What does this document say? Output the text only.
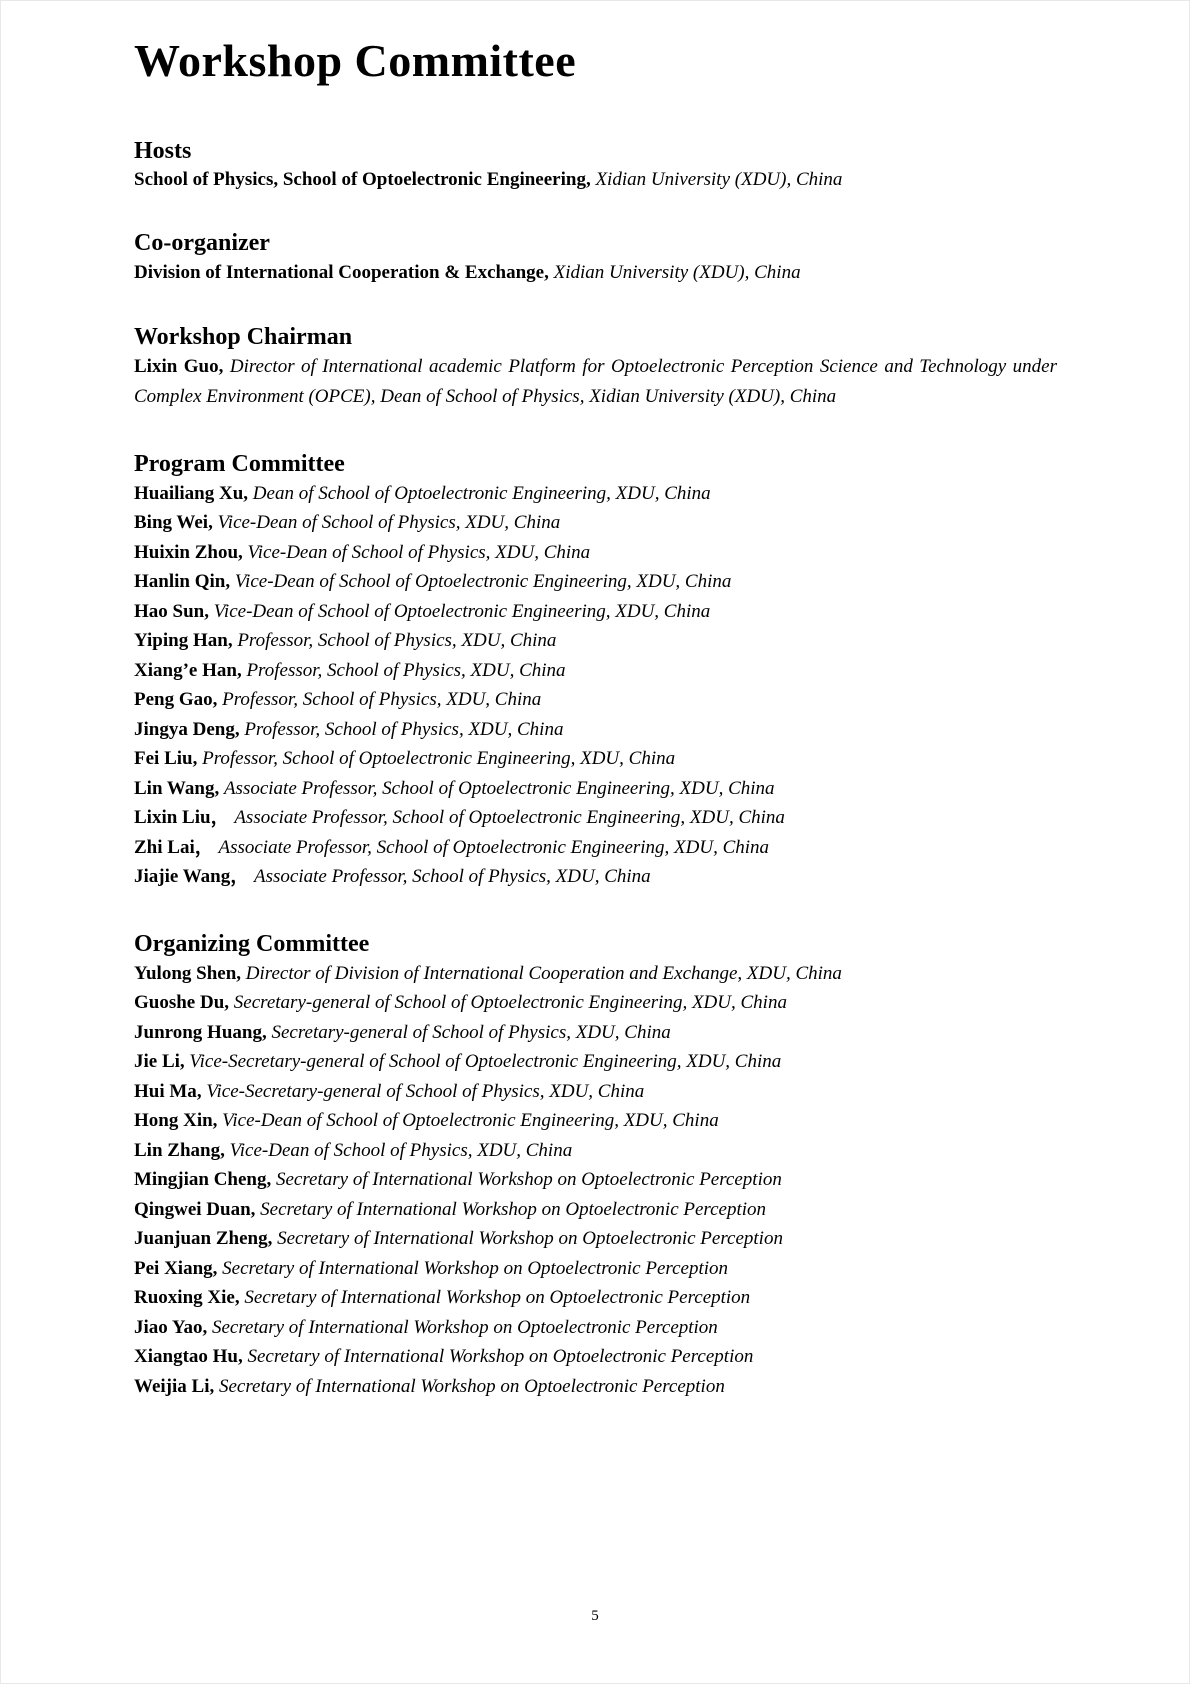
Workshop Committee
Hosts

School of Physics, School of Optoelectronic Engineering, Xidian University (XDU), China

Co-organizer

Division of International Cooperation & Exchange, Xidian University (XDU), China

Workshop Chairman

Lixin Guo, Director of International academic Platform for Optoelectronic Perception Science and Technology under Complex Environment (OPCE), Dean of School of Physics, Xidian University (XDU), China

Program Committee

Huailiang Xu, Dean of School of Optoelectronic Engineering, XDU, China

Bing Wei, Vice-Dean of School of Physics, XDU, China

Huixin Zhou, Vice-Dean of School of Physics, XDU, China

Hanlin Qin, Vice-Dean of School of Optoelectronic Engineering, XDU, China

Hao Sun, Vice-Dean of School of Optoelectronic Engineering, XDU, China

Yiping Han, Professor, School of Physics, XDU, China

Xiang’e Han, Professor, School of Physics, XDU, China

Peng Gao, Professor, School of Physics, XDU, China

Jingya Deng, Professor, School of Physics, XDU, China

Fei Liu, Professor, School of Optoelectronic Engineering, XDU, China

Lin Wang, Associate Professor, School of Optoelectronic Engineering, XDU, China

Lixin Liu， Associate Professor, School of Optoelectronic Engineering, XDU, China

Zhi Lai， Associate Professor, School of Optoelectronic Engineering, XDU, China

Jiajie Wang， Associate Professor, School of Physics, XDU, China

Organizing Committee

Yulong Shen, Director of Division of International Cooperation and Exchange, XDU, China

Guoshe Du, Secretary-general of School of Optoelectronic Engineering, XDU, China

Junrong Huang, Secretary-general of School of Physics, XDU, China

Jie Li, Vice-Secretary-general of School of Optoelectronic Engineering, XDU, China

Hui Ma, Vice-Secretary-general of School of Physics, XDU, China

Hong Xin, Vice-Dean of School of Optoelectronic Engineering, XDU, China

Lin Zhang, Vice-Dean of School of Physics, XDU, China

Mingjian Cheng, Secretary of International Workshop on Optoelectronic Perception

Qingwei Duan, Secretary of International Workshop on Optoelectronic Perception

Juanjuan Zheng, Secretary of International Workshop on Optoelectronic Perception

Pei Xiang, Secretary of International Workshop on Optoelectronic Perception

Ruoxing Xie, Secretary of International Workshop on Optoelectronic Perception

Jiao Yao, Secretary of International Workshop on Optoelectronic Perception

Xiangtao Hu, Secretary of International Workshop on Optoelectronic Perception

Weijia Li, Secretary of International Workshop on Optoelectronic Perception

5
